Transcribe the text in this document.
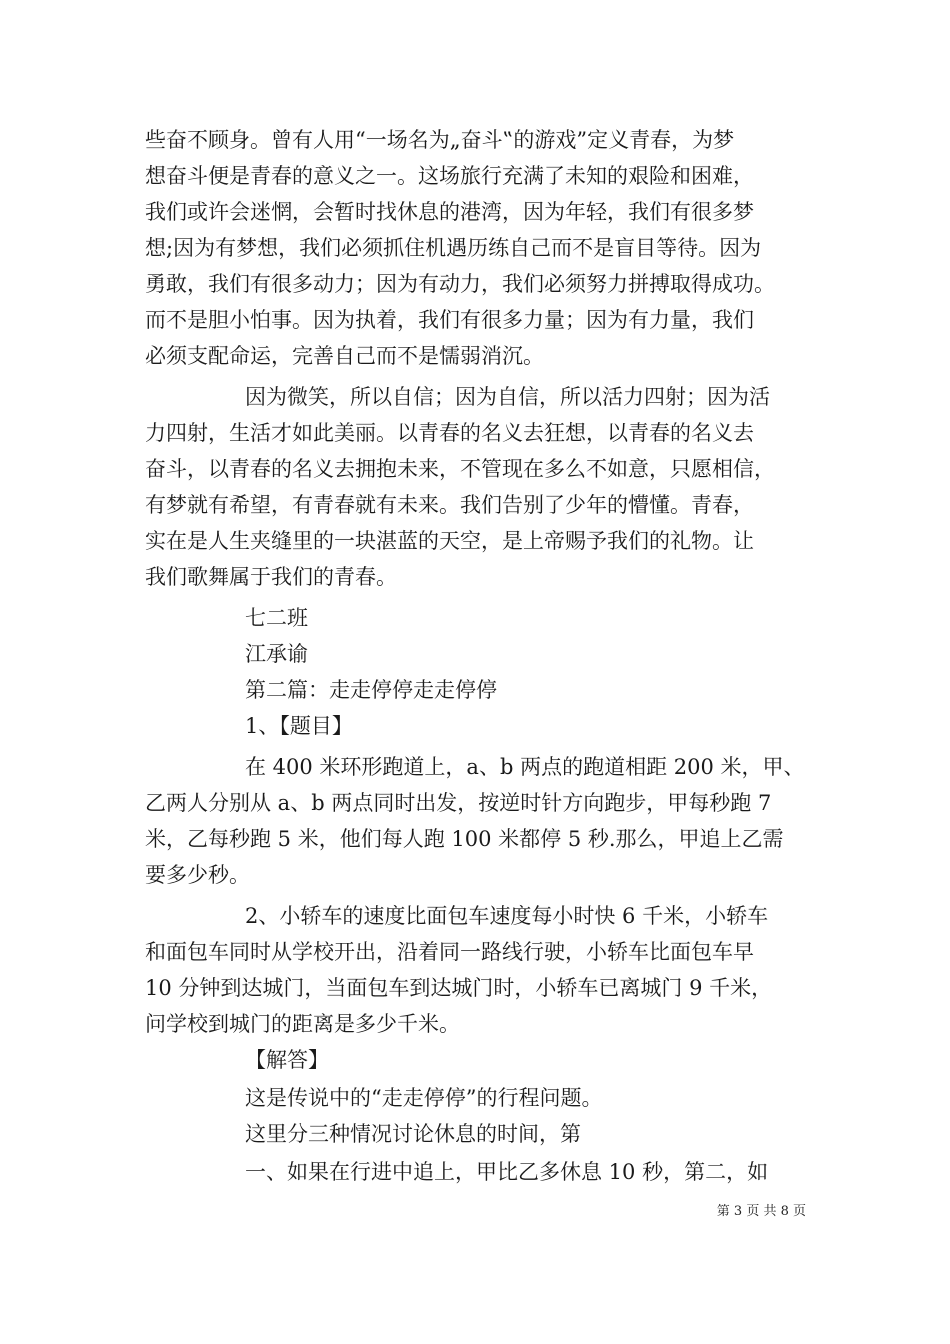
些奋不顾身。曾有人用“一场名为„奋斗‟的游戏”定义青春，为梦
想奋斗便是青春的意义之一。这场旅行充满了未知的艰险和困难，
我们或许会迷惘，会暂时找休息的港湾，因为年轻，我们有很多梦
想;因为有梦想，我们必须抓住机遇历练自己而不是盲目等待。因为
勇敢，我们有很多动力；因为有动力，我们必须努力拼搏取得成功。
而不是胆小怕事。因为执着，我们有很多力量；因为有力量，我们
必须支配命运，完善自己而不是懦弱消沉。
因为微笑，所以自信；因为自信，所以活力四射；因为活
力四射，生活才如此美丽。以青春的名义去狂想，以青春的名义去
奋斗，以青春的名义去拥抱未来，不管现在多么不如意，只愿相信，
有梦就有希望，有青春就有未来。我们告别了少年的懵懂。青春，
实在是人生夹缝里的一块湛蓝的天空，是上帝赐予我们的礼物。让
我们歌舞属于我们的青春。
七二班
江承谕
第二篇：走走停停走走停停
1、【题目】
在 400 米环形跑道上，a、b 两点的跑道相距 200 米，甲、
乙两人分别从 a、b 两点同时出发，按逆时针方向跑步，甲每秒跑 7
米，乙每秒跑 5 米，他们每人跑 100 米都停 5 秒.那么，甲追上乙需
要多少秒。
2、小轿车的速度比面包车速度每小时快 6 千米，小轿车
和面包车同时从学校开出，沿着同一路线行驶，小轿车比面包车早
10 分钟到达城门，当面包车到达城门时，小轿车已离城门 9 千米，
问学校到城门的距离是多少千米。
【解答】
这是传说中的“走走停停”的行程问题。
这里分三种情况讨论休息的时间，第
一、如果在行进中追上，甲比乙多休息 10 秒，第二，如
第 3 页 共 8 页
